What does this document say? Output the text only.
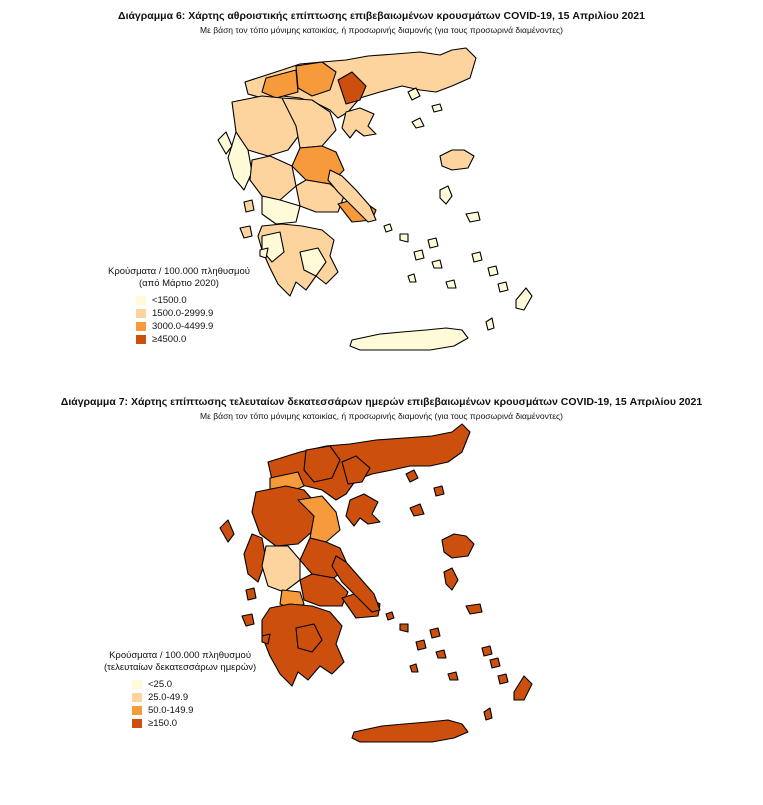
Διάγραμμα 6: Χάρτης αθροιστικής επίπτωσης επιβεβαιωμένων κρουσμάτων COVID-19, 15 Απριλίου 2021
Με βάση τον τόπο μόνιμης κατοικίας, ή προσωρινής διαμονής (για τους προσωρινά διαμένοντες)
Κρούσματα / 100.000 πληθυσμού
(από Μάρτιο 2020)
<1500.0
1500.0-2999.9
3000.0-4499.9
≥4500.0
Διάγραμμα 7: Χάρτης επίπτωσης τελευταίων δεκατεσσάρων ημερών επιβεβαιωμένων κρουσμάτων COVID-19, 15 Απριλίου 2021
Με βάση τον τόπο μόνιμης κατοικίας, ή προσωρινής διαμονής (για τους προσωρινά διαμένοντες)
Κρούσματα / 100.000 πληθυσμού
(τελευταίων δεκατεσσάρων ημερών)
<25.0
25.0-49.9
50.0-149.9
≥150.0
